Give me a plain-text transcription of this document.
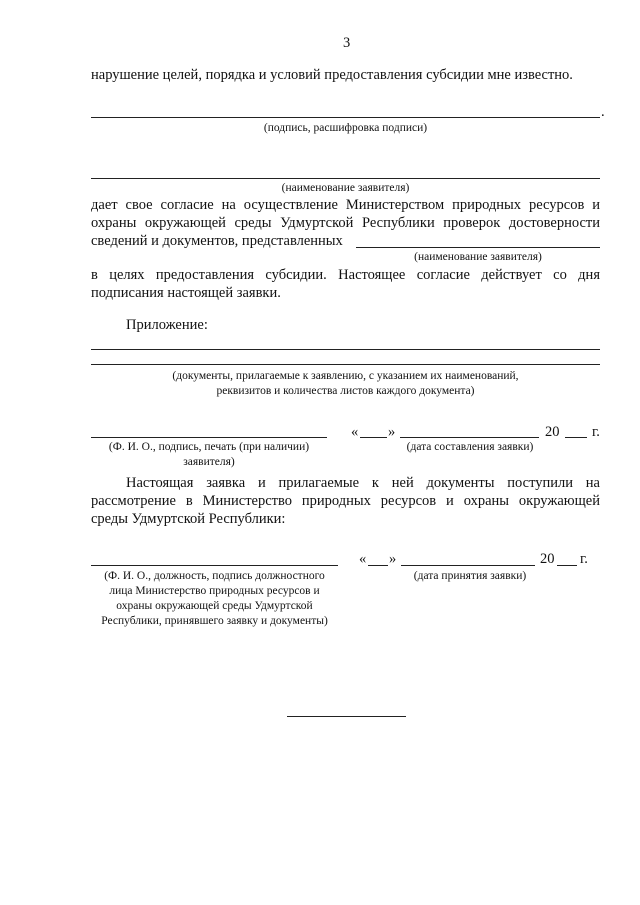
3
нарушение целей, порядка и условий предоставления субсидии мне известно.
.
(подпись, расшифровка подписи)
(наименование заявителя)
дает свое согласие на осуществление Министерством природных ресурсов и
охраны окружающей среды Удмуртской Республики проверок достоверности
сведений и документов, представленных
(наименование заявителя)
в целях предоставления субсидии. Настоящее согласие действует со дня
подписания настоящей заявки.
Приложение:
(документы, прилагаемые к заявлению, с указанием их наименований,
реквизитов и количества листов каждого документа)
« »	20 г.
(Ф. И. О., подпись, печать (при наличии)
заявителя)
(дата составления заявки)
Настоящая заявка и прилагаемые к ней документы поступили на
рассмотрение в Министерство природных ресурсов и охраны окружающей
среды Удмуртской Республики:
« »	20 г.
(Ф. И. О., должность, подпись должностного
лица Министерство природных ресурсов и
охраны окружающей среды Удмуртской
Республики, принявшего заявку и документы)
(дата принятия заявки)
